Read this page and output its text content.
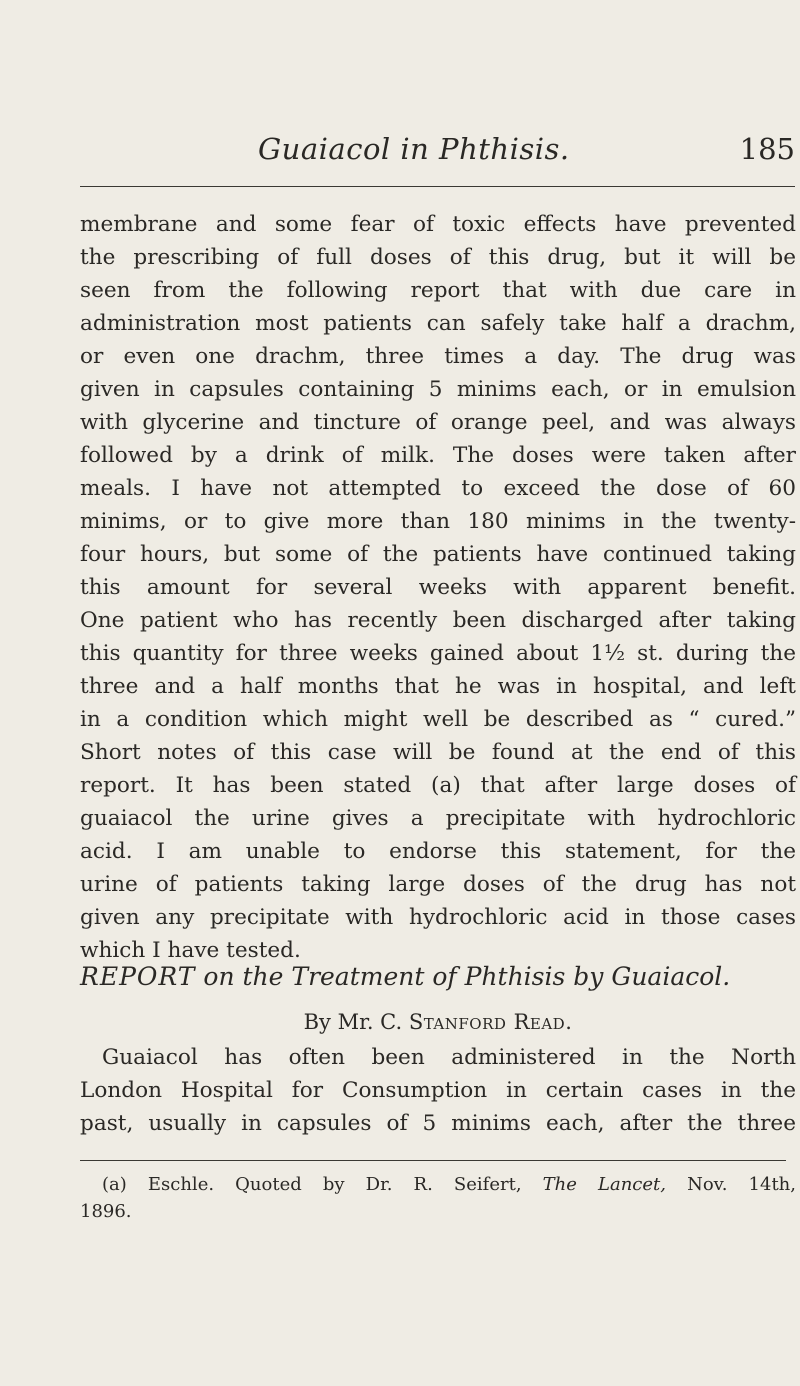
Guaiacol in Phthisis.	185
membrane and some fear of toxic effects have prevented
the prescribing of full doses of this drug, but it will be
seen from the following report that with due care in
administration most patients can safely take half a drachm,
or even one drachm, three times a day. The drug was
given in capsules containing 5 minims each, or in emulsion
with glycerine and tincture of orange peel, and was always
followed by a drink of milk. The doses were taken after
meals. I have not attempted to exceed the dose of 60
minims, or to give more than 180 minims in the twenty-
four hours, but some of the patients have continued taking
this amount for several weeks with apparent benefit.
One patient who has recently been discharged after taking
this quantity for three weeks gained about 1½ st. during the
three and a half months that he was in hospital, and left
in a condition which might well be described as “ cured.”
Short notes of this case will be found at the end of this
report. It has been stated (a) that after large doses of
guaiacol the urine gives a precipitate with hydrochloric
acid. I am unable to endorse this statement, for the
urine of patients taking large doses of the drug has not
given any precipitate with hydrochloric acid in those cases
which I have tested.
REPORT on the Treatment of Phthisis by Guaiacol.
By Mr. C. Stanford Read.
Guaiacol has often been administered in the North
London Hospital for Consumption in certain cases in the
past, usually in capsules of 5 minims each, after the three
(a) Eschle. Quoted by Dr. R. Seifert, The Lancet, Nov. 14th,
1896.
